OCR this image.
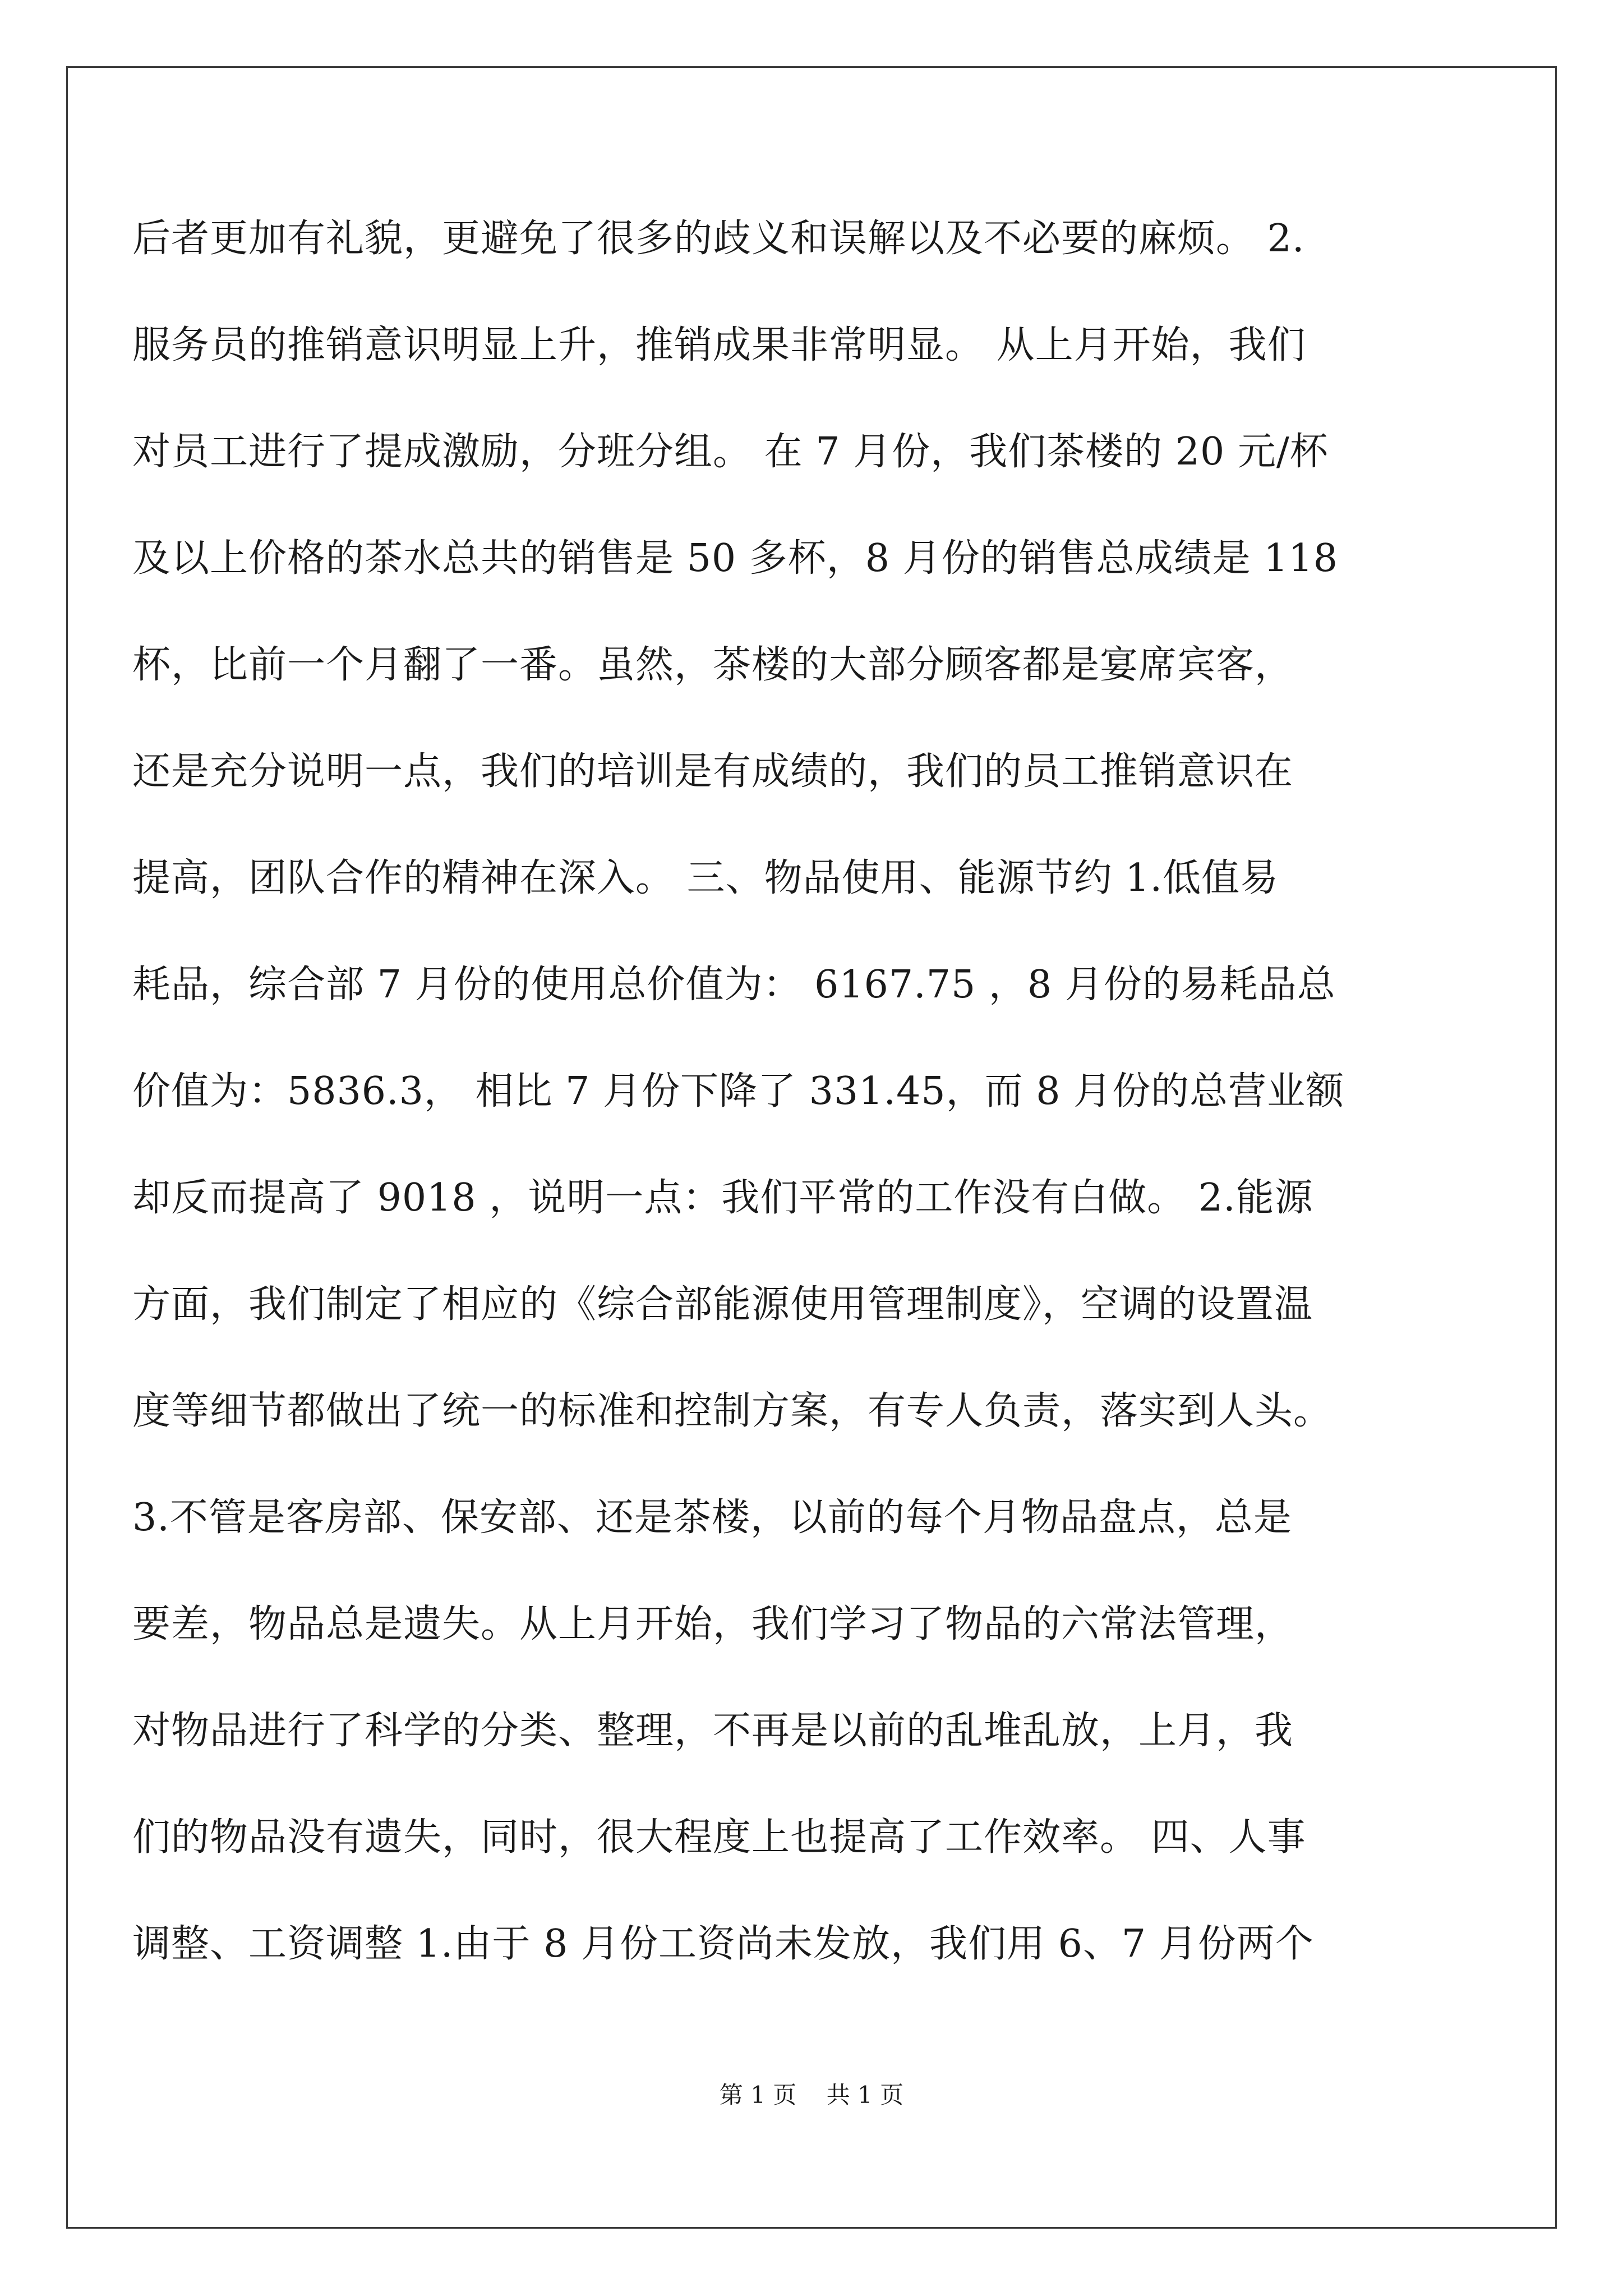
后者更加有礼貌，更避免了很多的歧义和误解以及不必要的麻烦。 2.
服务员的推销意识明显上升，推销成果非常明显。 从上月开始，我们
对员工进行了提成激励，分班分组。 在 7 月份，我们茶楼的 20 元/杯
及以上价格的茶水总共的销售是 50 多杯，8 月份的销售总成绩是 118
杯，比前一个月翻了一番。虽然，茶楼的大部分顾客都是宴席宾客，
还是充分说明一点，我们的培训是有成绩的，我们的员工推销意识在
提高，团队合作的精神在深入。 三、物品使用、能源节约 1.低值易
耗品，综合部 7 月份的使用总价值为： 6167.75 ，8 月份的易耗品总
价值为：5836.3， 相比 7 月份下降了 331.45，而 8 月份的总营业额
却反而提高了 9018 ，说明一点：我们平常的工作没有白做。 2.能源
方面，我们制定了相应的《综合部能源使用管理制度》，空调的设置温
度等细节都做出了统一的标准和控制方案，有专人负责，落实到人头。
3.不管是客房部、保安部、还是茶楼，以前的每个月物品盘点，总是
要差，物品总是遗失。从上月开始，我们学习了物品的六常法管理，
对物品进行了科学的分类、整理，不再是以前的乱堆乱放，上月，我
们的物品没有遗失，同时，很大程度上也提高了工作效率。 四、人事
调整、工资调整 1.由于 8 月份工资尚未发放，我们用 6、7 月份两个
第 1 页 共 1 页
